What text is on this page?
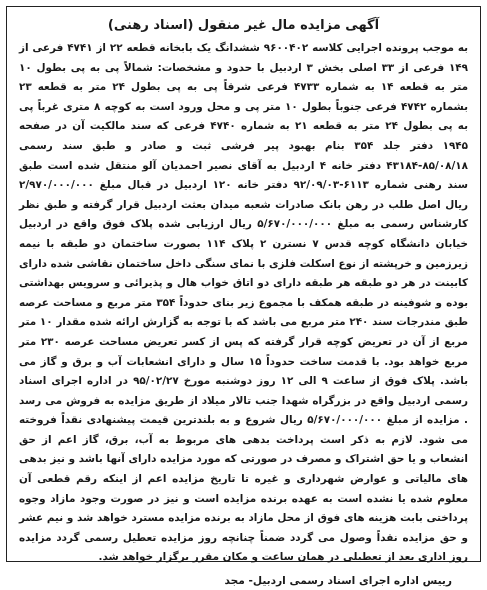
آگهی مزایده مال غیر منقول (اسناد رهنی)

به موجب پرونده اجرایی کلاسه ۹۶۰۰۴۰۲ ششدانگ یک بابخانه قطعه ۲۲ از ۴۷۴۱ فرعی از ۱۴۹ فرعی از ۳۳ اصلی بخش ۳ اردبیل با حدود و مشخصات: شمالاً پی به پی بطول ۱۰ متر به قطعه ۱۴ به شماره ۴۷۳۳ فرعی شرقاً پی به پی بطول ۲۴ متر به قطعه ۲۳ بشماره ۴۷۴۲ فرعی جنوباً بطول ۱۰ متر پی و محل ورود است به کوچه ۸ متری غرباً پی به پی بطول ۲۴ متر به قطعه ۲۱ به شماره ۴۷۴۰ فرعی که سند مالکیت آن در صفحه ۱۹۴۵ دفتر جلد ۳۵۴ بنام بهبود پیر فرشی ثبت و صادر و طبق سند رسمی ۸۵/۰۸/۱۸-۴۳۱۸۴ دفتر خانه ۴ اردبیل به آقای نصیر احمدیان آلو منتقل شده است طبق سند رهنی شماره ۶۱۱۳-۹۲/۰۹/۰۳ دفتر خانه ۱۲۰ اردبیل در قبال مبلغ ۲/۹۷۰/۰۰۰/۰۰۰ ریال اصل طلب در رهن بانک صادرات شعبه میدان بعثت اردبیل قرار گرفته و طبق نظر کارشناس رسمی به مبلغ ۵/۶۷۰/۰۰۰/۰۰۰ ریال ارزیابی شده پلاک فوق واقع در اردبیل خیابان دانشگاه کوچه قدس ۷ نسترن ۲ پلاک ۱۱۴ بصورت ساختمان دو طبقه با نیمه زیرزمین و خرپشته از نوع اسکلت فلزی با نمای سنگی داخل ساختمان نقاشی شده دارای کابینت در هر دو طبقه هر طبقه دارای دو اتاق خواب هال و پذیرائی و سرویس بهداشتی بوده و شوفینه در طبقه همکف با مجموع زیر بنای حدوداً ۳۵۴ متر مربع و مساحت عرصه طبق مندرجات سند ۲۴۰ متر مربع می باشد که با توجه به گزارش ارائه شده مقدار ۱۰ متر مربع از آن در تعریض کوچه قرار گرفته که پس از کسر تعریض مساحت عرصه ۲۳۰ متر مربع خواهد بود. با قدمت ساخت حدوداً ۱۵ سال و دارای انشعابات آب و برق و گاز می باشد. پلاک فوق از ساعت ۹ الی ۱۲ روز دوشنبه مورخ ۹۵/۰۲/۲۷ در اداره اجرای اسناد رسمی اردبیل واقع در بزرگراه شهدا جنب تالار میلاد از طریق مزایده به فروش می رسد . مزایده از مبلغ ۵/۶۷۰/۰۰۰/۰۰۰ ریال شروع و به بلندترین قیمت پیشنهادی نقداً فروخته می شود. لازم به ذکر است پرداخت بدهی های مربوط به آب، برق، گاز اعم از حق انشعاب و یا حق اشتراک و مصرف در صورتی که مورد مزایده دارای آنها باشد و نیز بدهی های مالیاتی و عوارض شهرداری و غیره تا تاریخ مزایده اعم از اینکه رقم قطعی آن معلوم شده یا نشده است به عهده برنده مزایده است و نیز در صورت وجود مازاد وجوه پرداختی بابت هزینه های فوق از محل مازاد به برنده مزایده مسترد خواهد شد و نیم عشر و حق مزایده نقداً وصول می گردد ضمناً چنانچه روز مزایده تعطیل رسمی گردد مزایده روز اداری بعد از تعطیلی در همان ساعت و مکان مقرر برگزار خواهد شد.

رییس اداره اجرای اسناد رسمی اردبیل- مجد
